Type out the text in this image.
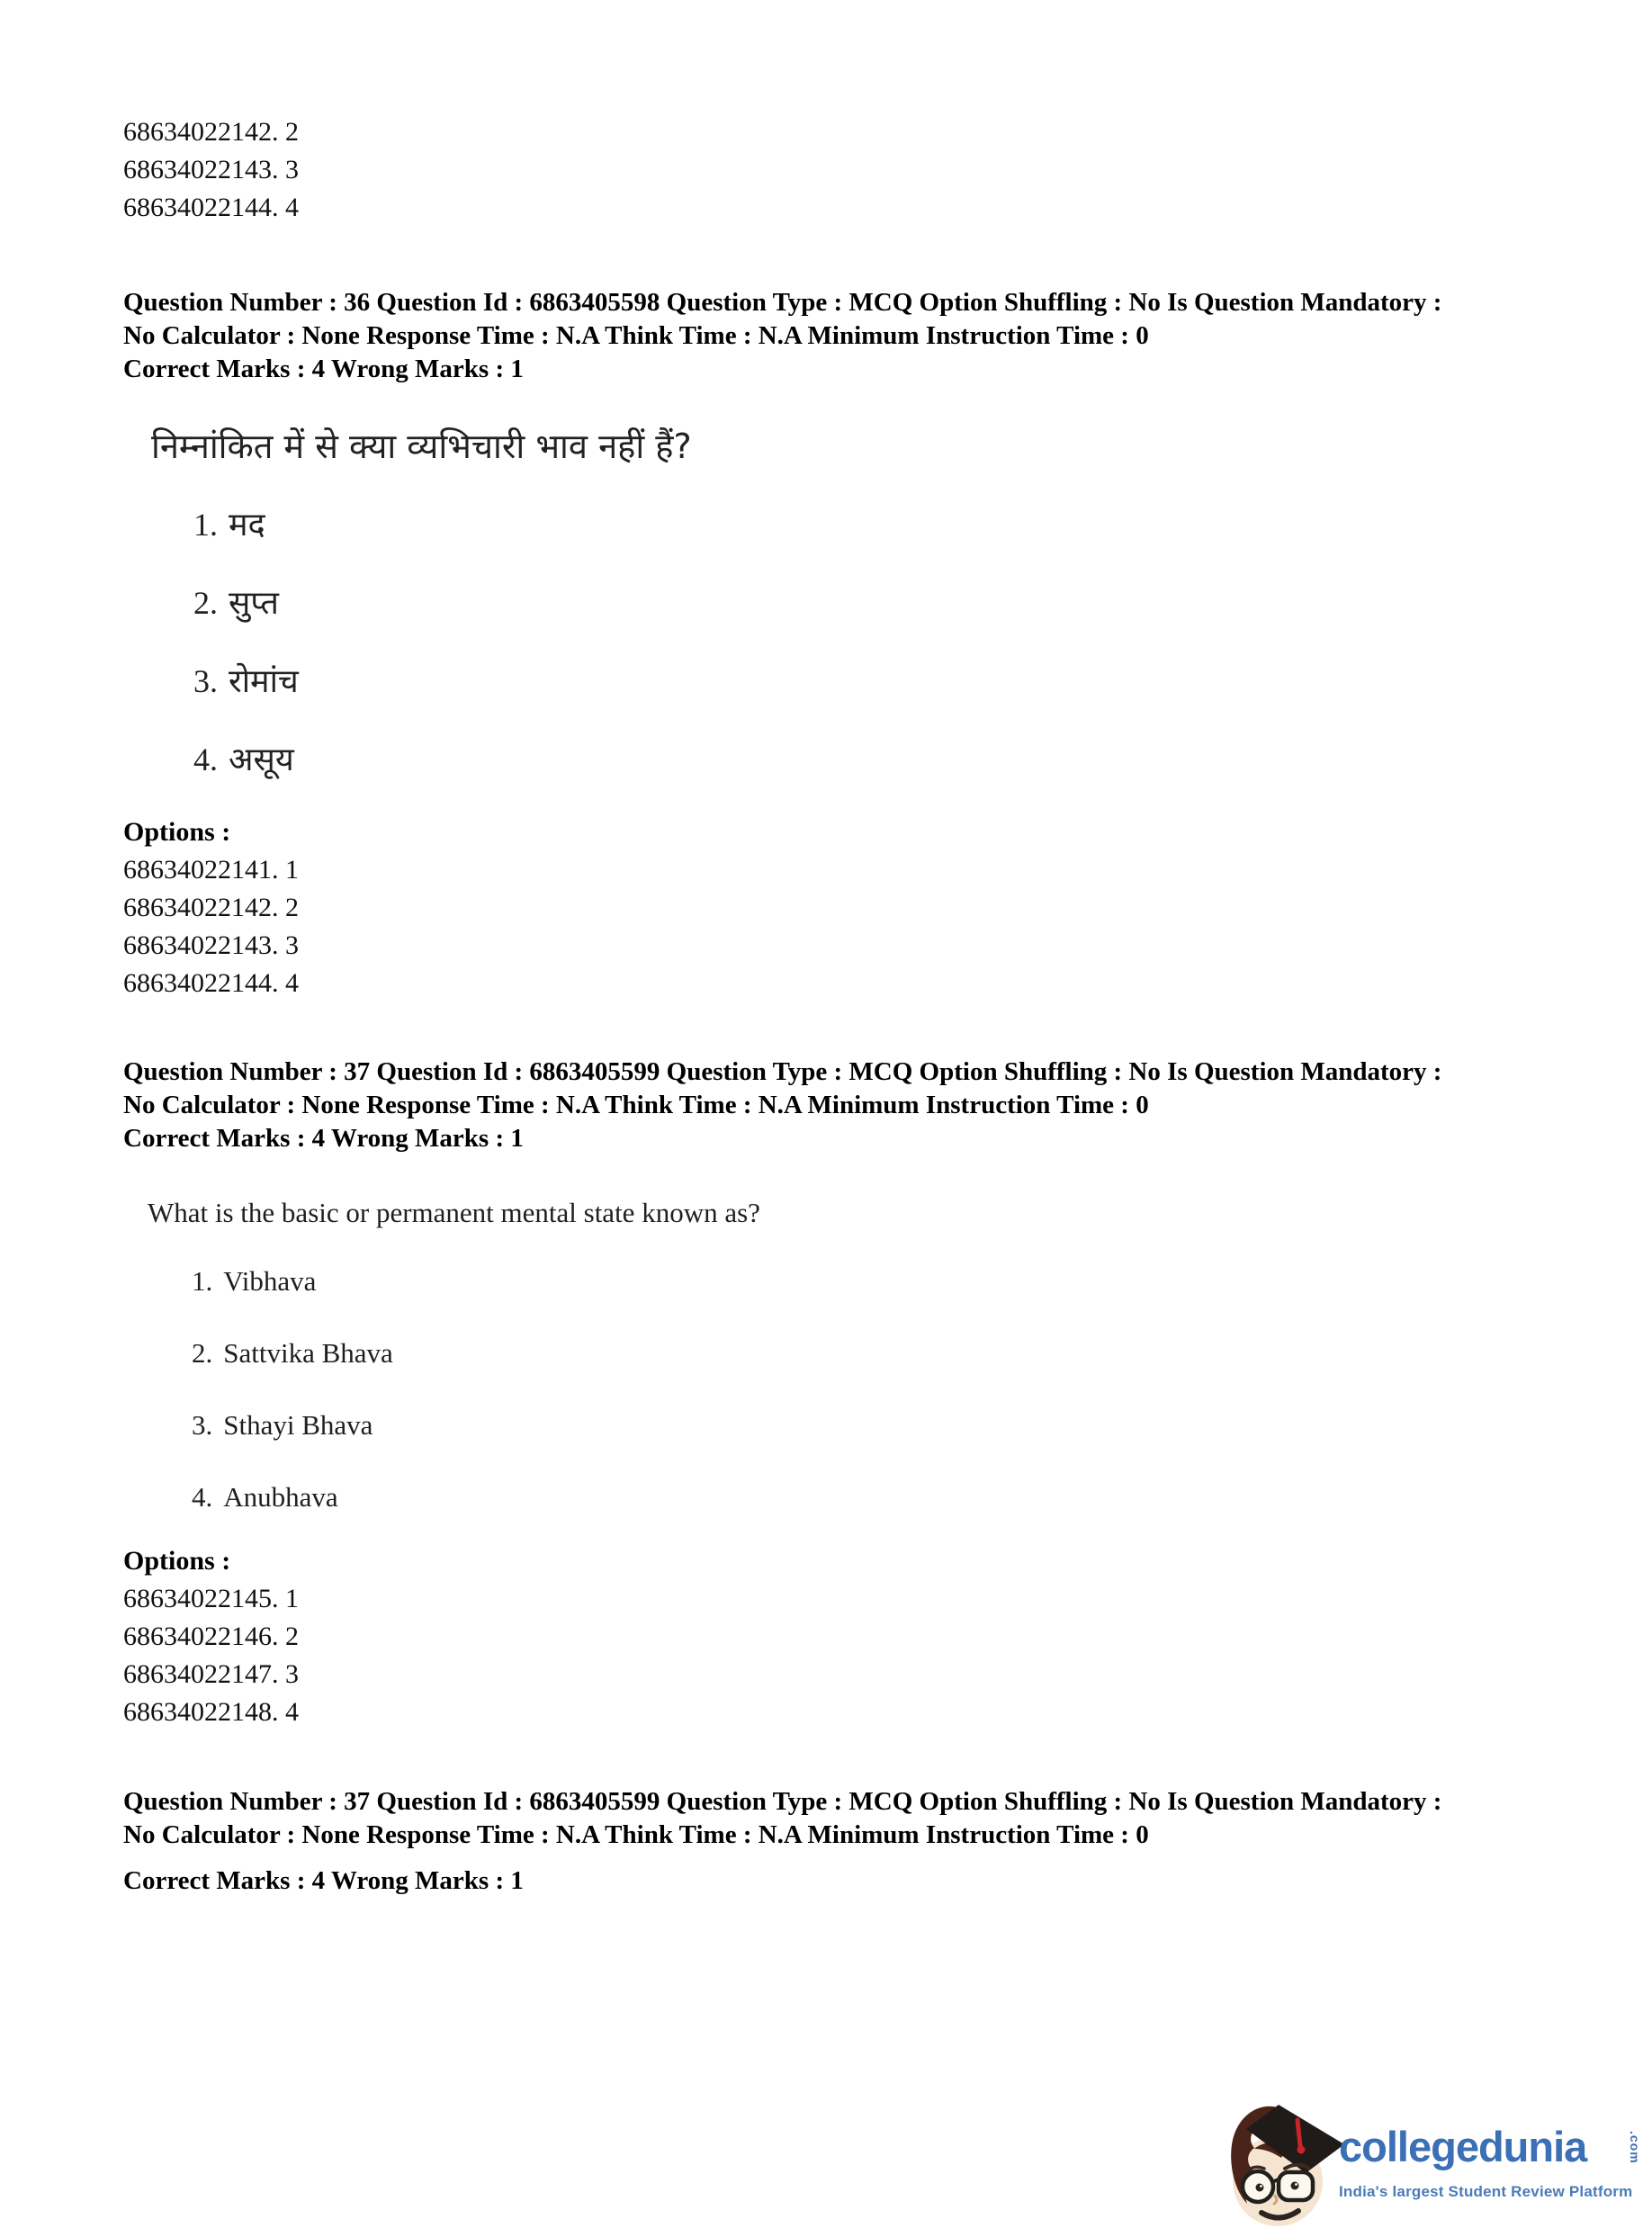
68634022142. 2
68634022143. 3
68634022144. 4
Question Number : 36 Question Id : 6863405598 Question Type : MCQ Option Shuffling : No Is Question Mandatory :
No Calculator : None Response Time : N.A Think Time : N.A Minimum Instruction Time : 0
Correct Marks : 4 Wrong Marks : 1
निम्नांकित में से क्या व्यभिचारी भाव नहीं हैं?
1. मद
2. सुप्त
3. रोमांच
4. असूय
Options :
68634022141. 1
68634022142. 2
68634022143. 3
68634022144. 4
Question Number : 37 Question Id : 6863405599 Question Type : MCQ Option Shuffling : No Is Question Mandatory :
No Calculator : None Response Time : N.A Think Time : N.A Minimum Instruction Time : 0
Correct Marks : 4 Wrong Marks : 1
What is the basic or permanent mental state known as?
1. Vibhava
2. Sattvika Bhava
3. Sthayi Bhava
4. Anubhava
Options :
68634022145. 1
68634022146. 2
68634022147. 3
68634022148. 4
Question Number : 37 Question Id : 6863405599 Question Type : MCQ Option Shuffling : No Is Question Mandatory :
No Calculator : None Response Time : N.A Think Time : N.A Minimum Instruction Time : 0
Correct Marks : 4 Wrong Marks : 1
collegedunia	.com
India's largest Student Review Platform
